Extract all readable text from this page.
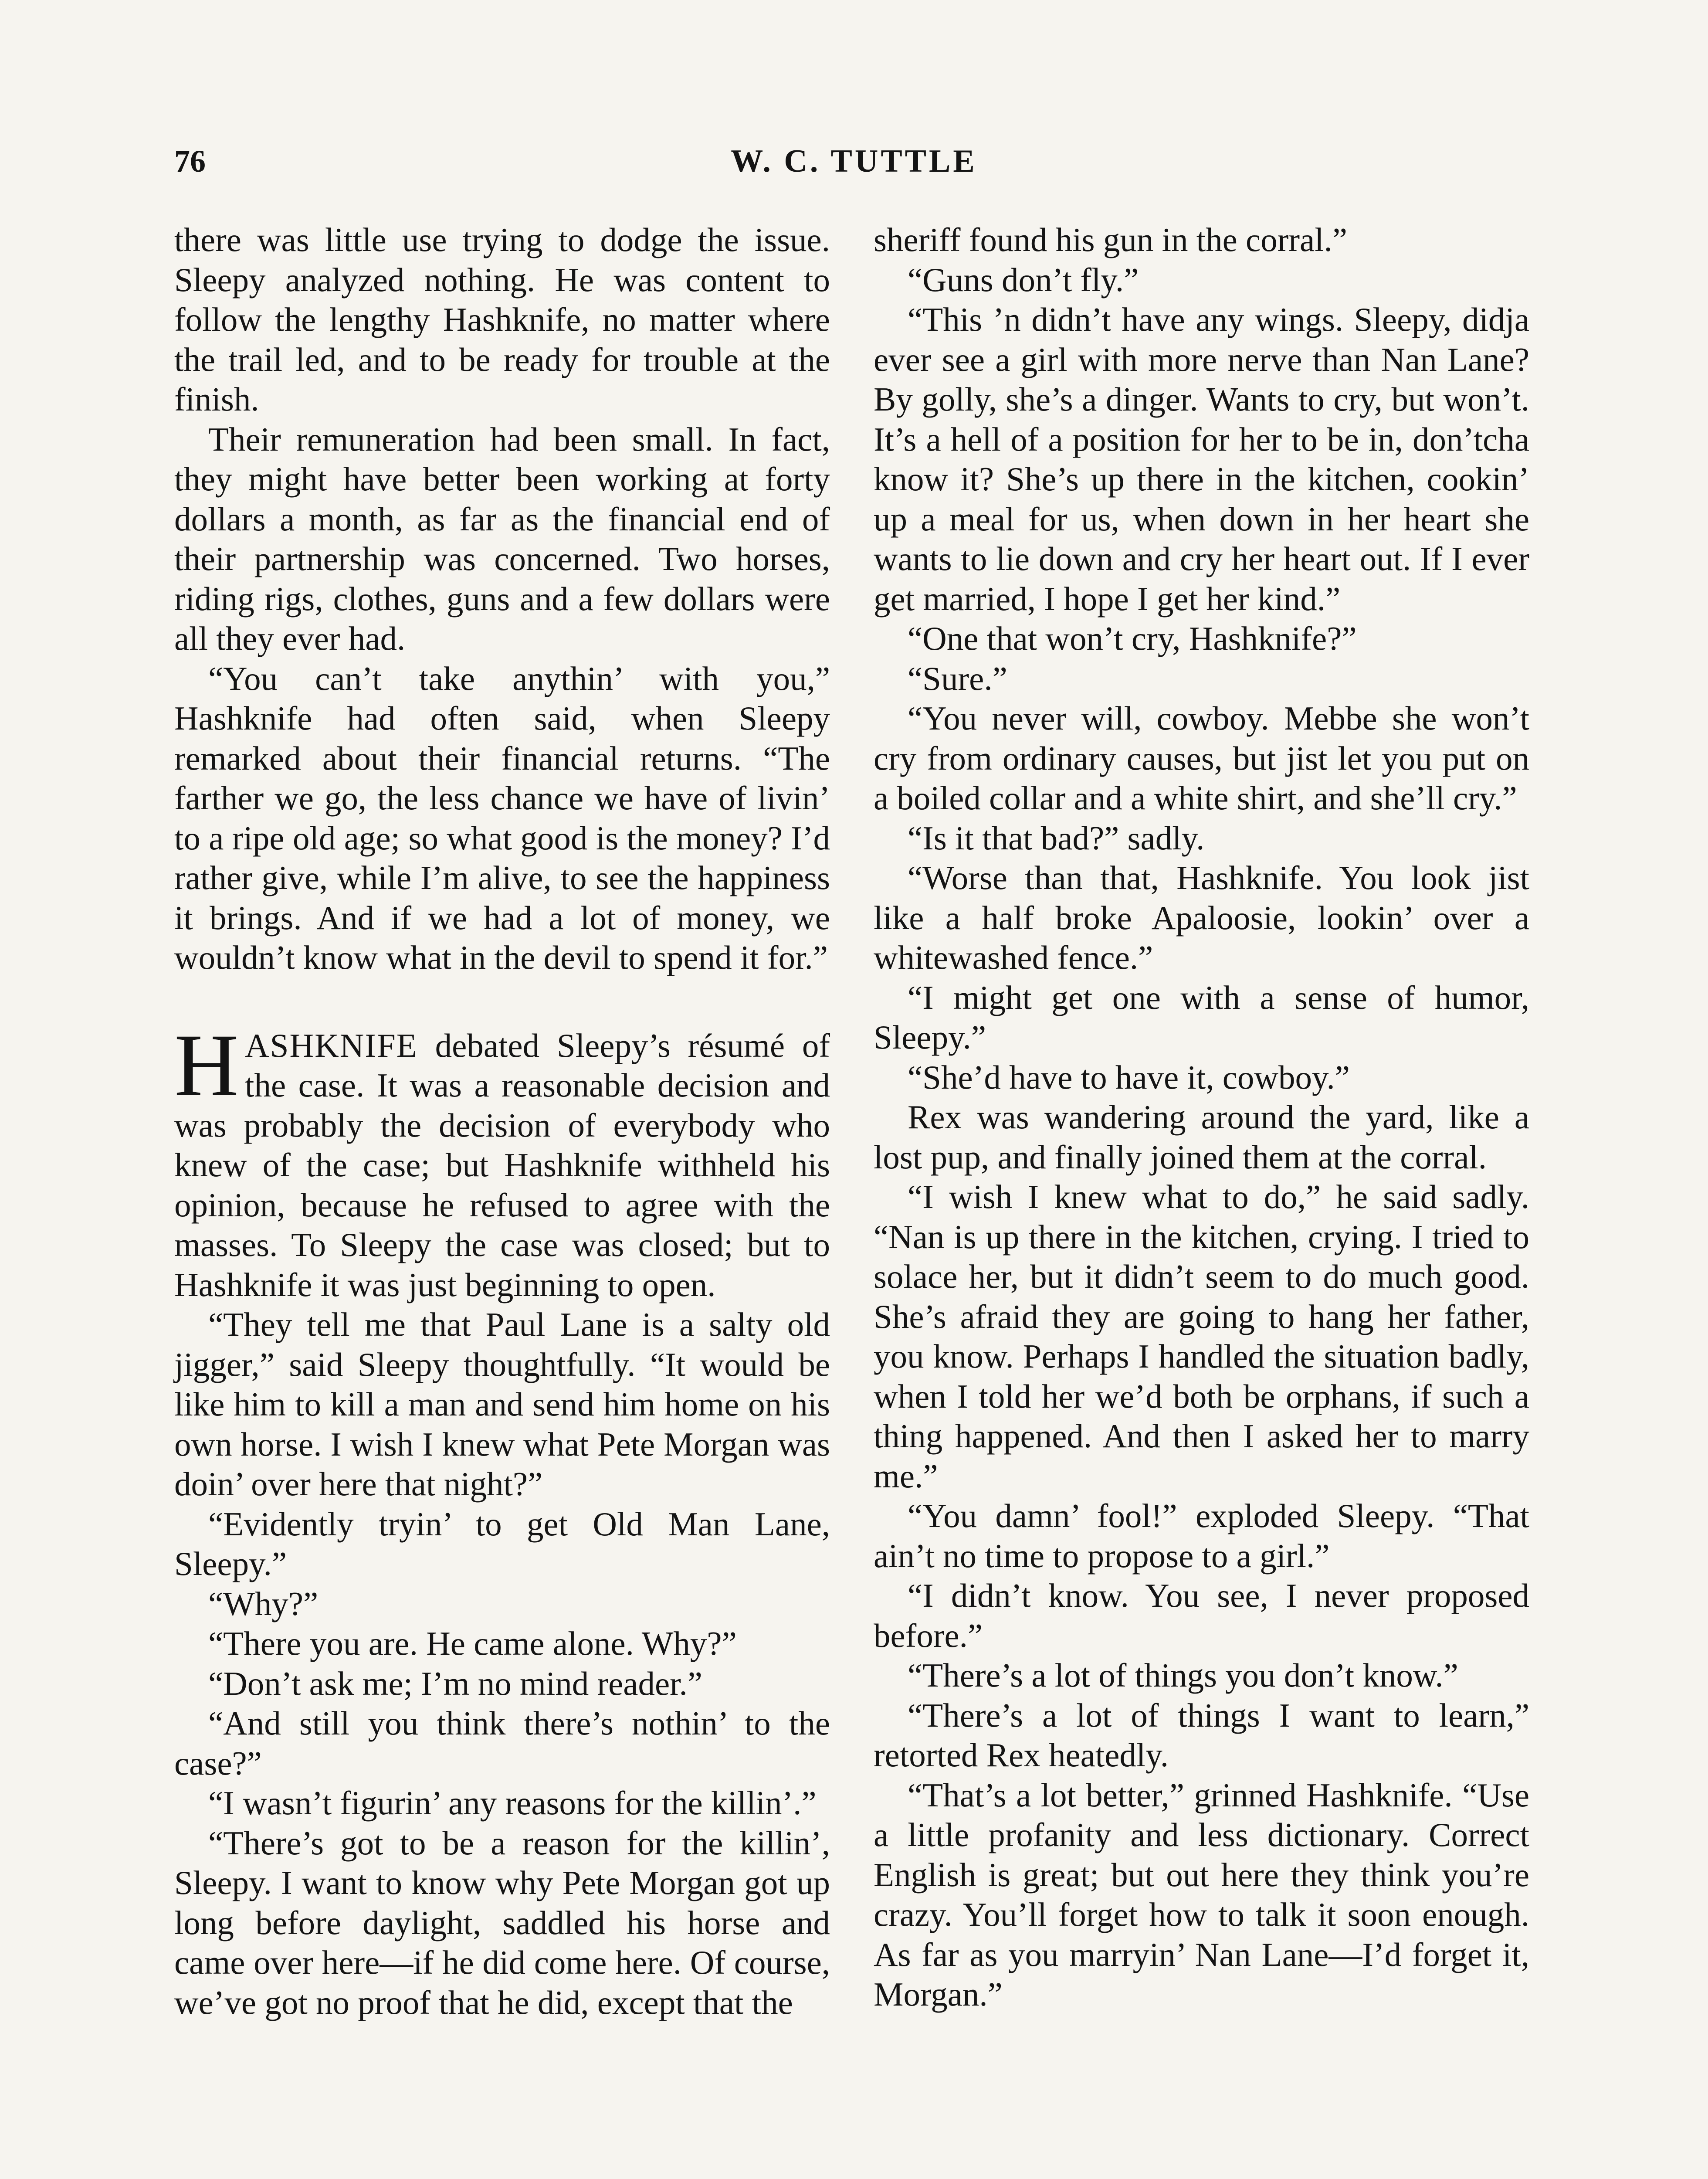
76	W. C. TUTTLE

there was little use trying to dodge the issue. Sleepy analyzed nothing. He was content to follow the lengthy Hashknife, no matter where the trail led, and to be ready for trouble at the finish.

Their remuneration had been small. In fact, they might have better been working at forty dollars a month, as far as the financial end of their partnership was concerned. Two horses, riding rigs, clothes, guns and a few dollars were all they ever had.

“You can’t take anythin’ with you,” Hashknife had often said, when Sleepy remarked about their financial returns. “The farther we go, the less chance we have of livin’ to a ripe old age; so what good is the money? I’d rather give, while I’m alive, to see the happiness it brings. And if we had a lot of money, we wouldn’t know what in the devil to spend it for.”

HASHKNIFE debated Sleepy’s résumé of the case. It was a reasonable decision and was probably the decision of everybody who knew of the case; but Hashknife withheld his opinion, because he refused to agree with the masses. To Sleepy the case was closed; but to Hashknife it was just beginning to open.

“They tell me that Paul Lane is a salty old jigger,” said Sleepy thoughtfully. “It would be like him to kill a man and send him home on his own horse. I wish I knew what Pete Morgan was doin’ over here that night?”

“Evidently tryin’ to get Old Man Lane, Sleepy.”

“Why?”

“There you are. He came alone. Why?”

“Don’t ask me; I’m no mind reader.”

“And still you think there’s nothin’ to the case?”

“I wasn’t figurin’ any reasons for the killin’.”

“There’s got to be a reason for the killin’, Sleepy. I want to know why Pete Morgan got up long before daylight, saddled his horse and came over here—if he did come here. Of course, we’ve got no proof that he did, except that the

sheriff found his gun in the corral.”

“Guns don’t fly.”

“This ’n didn’t have any wings. Sleepy, didja ever see a girl with more nerve than Nan Lane? By golly, she’s a dinger. Wants to cry, but won’t. It’s a hell of a position for her to be in, don’tcha know it? She’s up there in the kitchen, cookin’ up a meal for us, when down in her heart she wants to lie down and cry her heart out. If I ever get married, I hope I get her kind.”

“One that won’t cry, Hashknife?”

“Sure.”

“You never will, cowboy. Mebbe she won’t cry from ordinary causes, but jist let you put on a boiled collar and a white shirt, and she’ll cry.”

“Is it that bad?” sadly.

“Worse than that, Hashknife. You look jist like a half broke Apaloosie, lookin’ over a whitewashed fence.”

“I might get one with a sense of humor, Sleepy.”

“She’d have to have it, cowboy.”

Rex was wandering around the yard, like a lost pup, and finally joined them at the corral.

“I wish I knew what to do,” he said sadly. “Nan is up there in the kitchen, crying. I tried to solace her, but it didn’t seem to do much good. She’s afraid they are going to hang her father, you know. Perhaps I handled the situation badly, when I told her we’d both be orphans, if such a thing happened. And then I asked her to marry me.”

“You damn’ fool!” exploded Sleepy. “That ain’t no time to propose to a girl.”

“I didn’t know. You see, I never proposed before.”

“There’s a lot of things you don’t know.”

“There’s a lot of things I want to learn,” retorted Rex heatedly.

“That’s a lot better,” grinned Hashknife. “Use a little profanity and less dictionary. Correct English is great; but out here they think you’re crazy. You’ll forget how to talk it soon enough. As far as you marryin’ Nan Lane—I’d forget it, Morgan.”
